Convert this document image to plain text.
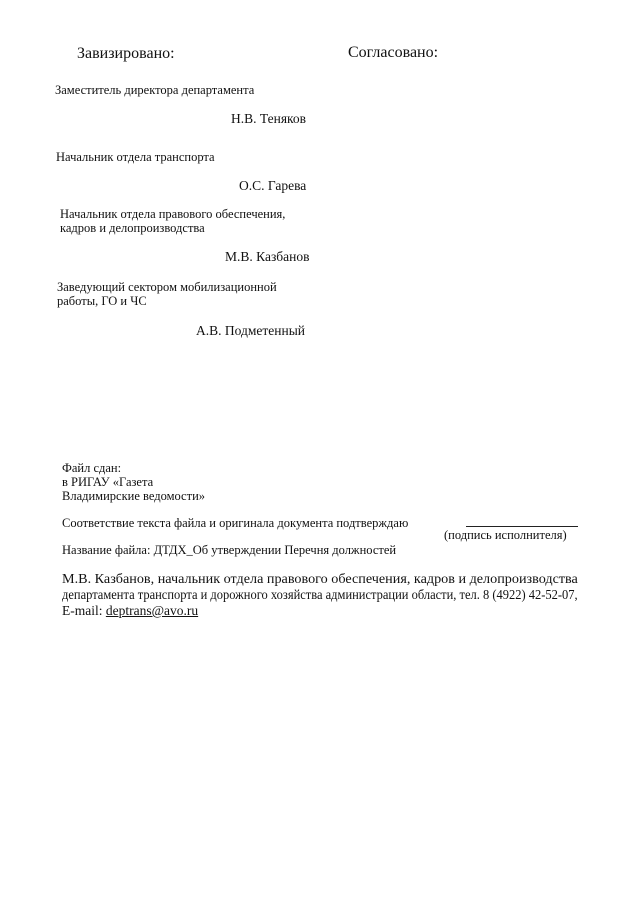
Завизировано:	Согласовано:
Заместитель директора департамента
Н.В. Теняков
Начальник отдела транспорта
О.С. Гарева
Начальник отдела правового обеспечения,
кадров и делопроизводства
М.В. Казбанов
Заведующий сектором мобилизационной
работы, ГО и ЧС
А.В. Подметенный
Файл сдан:
в РИГАУ «Газета
Владимирские ведомости»
Соответствие текста файла и оригинала документа подтверждаю
(подпись исполнителя)
Название файла: ДТДХ_Об утверждении Перечня должностей
М.В. Казбанов, начальник отдела правового обеспечения, кадров и делопроизводства
департамента транспорта и дорожного хозяйства администрации области, тел. 8 (4922) 42-52-07,
E-mail: deptrans@avo.ru
